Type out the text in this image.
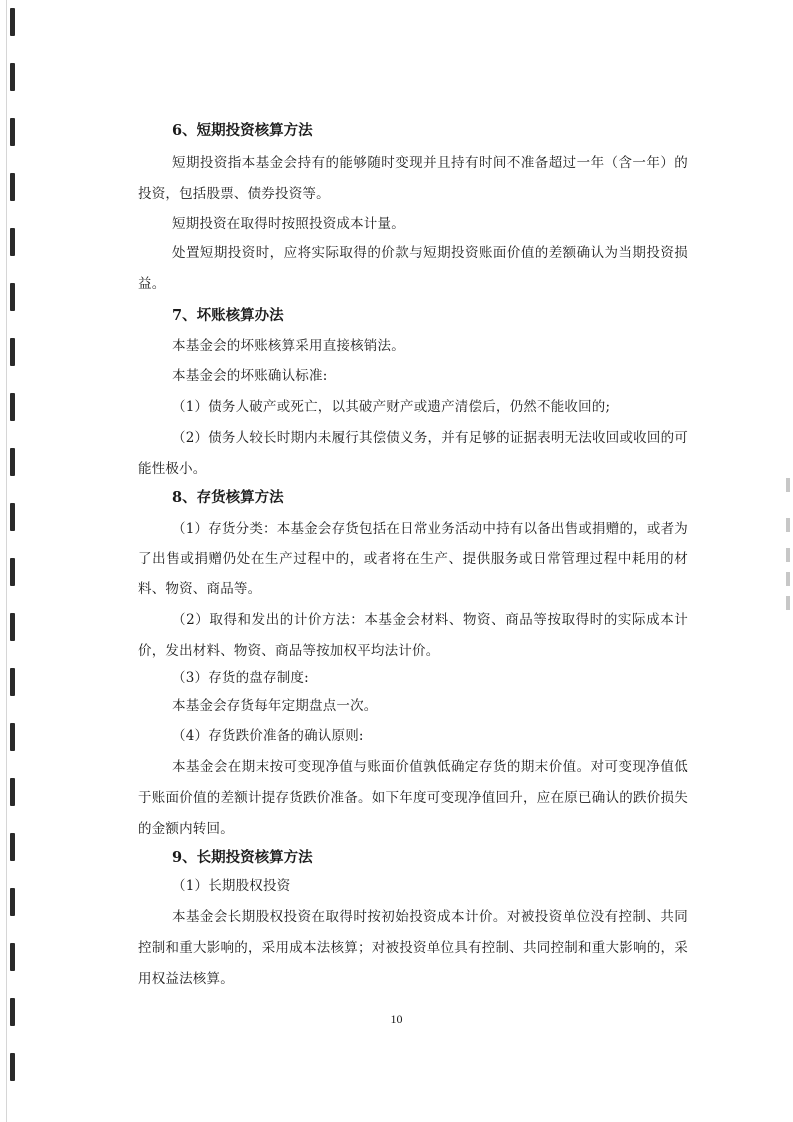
6、短期投资核算方法
短期投资指本基金会持有的能够随时变现并且持有时间不准备超过一年（含一年）的投资，包括股票、债券投资等。
短期投资在取得时按照投资成本计量。
处置短期投资时，应将实际取得的价款与短期投资账面价值的差额确认为当期投资损益。
7、坏账核算办法
本基金会的坏账核算采用直接核销法。
本基金会的坏账确认标准:
（1）债务人破产或死亡，以其破产财产或遗产清偿后，仍然不能收回的;
（2）债务人较长时期内未履行其偿债义务，并有足够的证据表明无法收回或收回的可能性极小。
8、存货核算方法
（1）存货分类：本基金会存货包括在日常业务活动中持有以备出售或捐赠的，或者为了出售或捐赠仍处在生产过程中的，或者将在生产、提供服务或日常管理过程中耗用的材料、物资、商品等。
（2）取得和发出的计价方法：本基金会材料、物资、商品等按取得时的实际成本计价，发出材料、物资、商品等按加权平均法计价。
（3）存货的盘存制度:
本基金会存货每年定期盘点一次。
（4）存货跌价准备的确认原则:
本基金会在期末按可变现净值与账面价值孰低确定存货的期末价值。对可变现净值低于账面价值的差额计提存货跌价准备。如下年度可变现净值回升，应在原已确认的跌价损失的金额内转回。
9、长期投资核算方法
（1）长期股权投资
本基金会长期股权投资在取得时按初始投资成本计价。对被投资单位没有控制、共同控制和重大影响的，采用成本法核算；对被投资单位具有控制、共同控制和重大影响的，采用权益法核算。
10
